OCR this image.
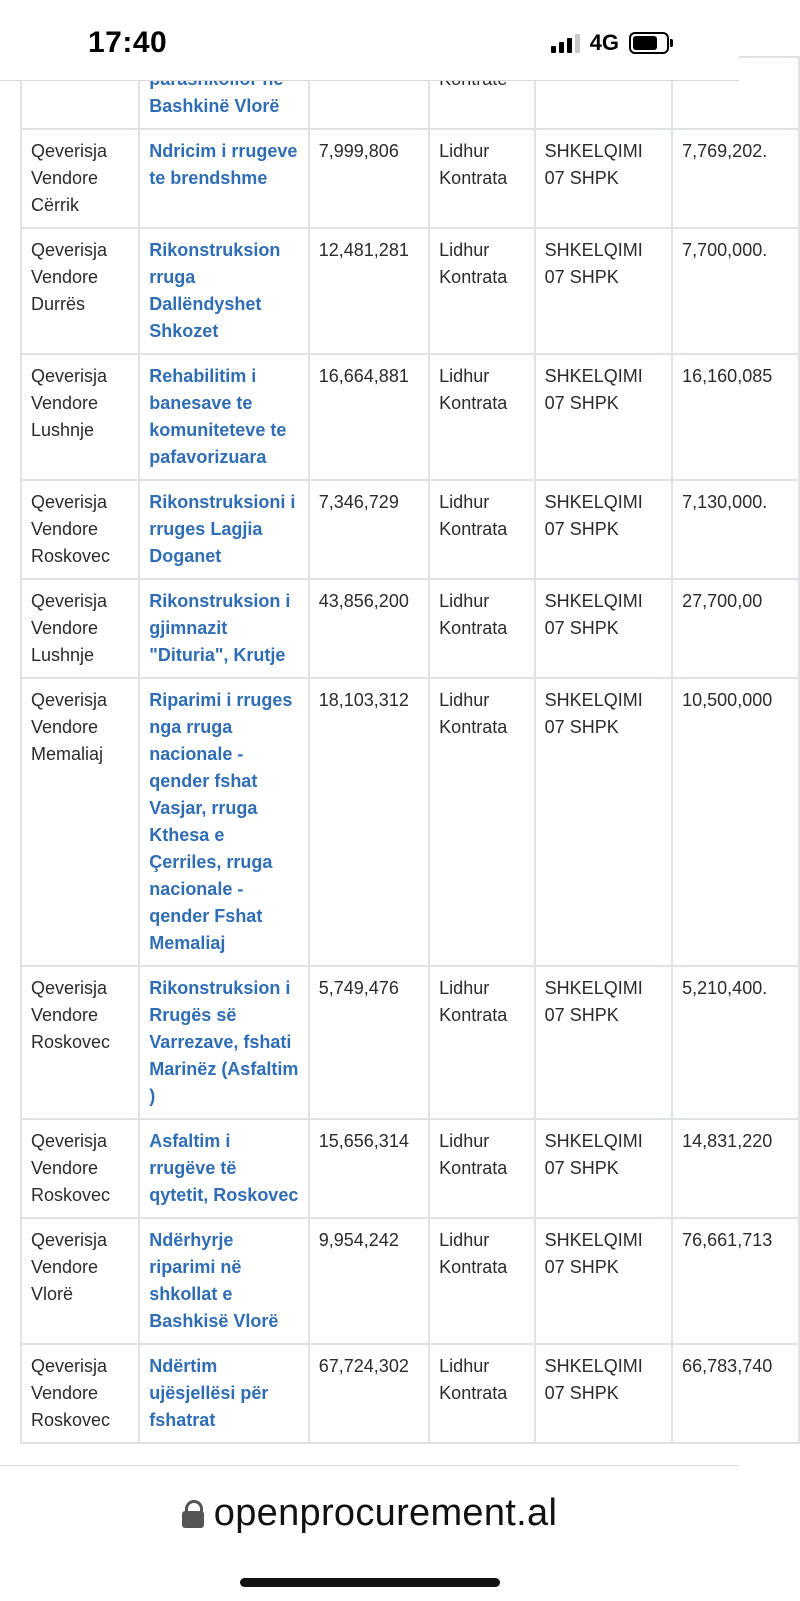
	Bashkinë Vlorë				
Qeverisja Vendore Cërrik	Ndricim i rrugeve te brendshme	7,999,806	Lidhur Kontrata	SHKELQIMI 07 SHPK	7,769,202.
Qeverisja Vendore Durrës	Rikonstruksion rruga Dallëndyshet Shkozet	12,481,281	Lidhur Kontrata	SHKELQIMI 07 SHPK	7,700,000.
Qeverisja Vendore Lushnje	Rehabilitim i banesave te komuniteteve te pafavorizuara	16,664,881	Lidhur Kontrata	SHKELQIMI 07 SHPK	16,160,085
Qeverisja Vendore Roskovec	Rikonstruksioni i rruges Lagjia Doganet	7,346,729	Lidhur Kontrata	SHKELQIMI 07 SHPK	7,130,000.
Qeverisja Vendore Lushnje	Rikonstruksion i gjimnazit "Dituria", Krutje	43,856,200	Lidhur Kontrata	SHKELQIMI 07 SHPK	27,700,00
Qeverisja Vendore Memaliaj	Riparimi i rruges nga rruga nacionale - qender fshat Vasjar, rruga Kthesa e Çerriles, rruga nacionale - qender Fshat Memaliaj	18,103,312	Lidhur Kontrata	SHKELQIMI 07 SHPK	10,500,000
Qeverisja Vendore Roskovec	Rikonstruksion i Rrugës së Varrezave, fshati Marinëz (Asfaltim )	5,749,476	Lidhur Kontrata	SHKELQIMI 07 SHPK	5,210,400.
Qeverisja Vendore Roskovec	Asfaltim i rrugëve të qytetit, Roskovec	15,656,314	Lidhur Kontrata	SHKELQIMI 07 SHPK	14,831,220
Qeverisja Vendore Vlorë	Ndërhyrje riparimi në shkollat e Bashkisë Vlorë	9,954,242	Lidhur Kontrata	SHKELQIMI 07 SHPK	76,661,713
Qeverisja Vendore Roskovec	Ndërtim ujësjellësi për fshatrat	67,724,302	Lidhur Kontrata	SHKELQIMI 07 SHPK	66,783,740
17:40	4G
openprocurement.al
